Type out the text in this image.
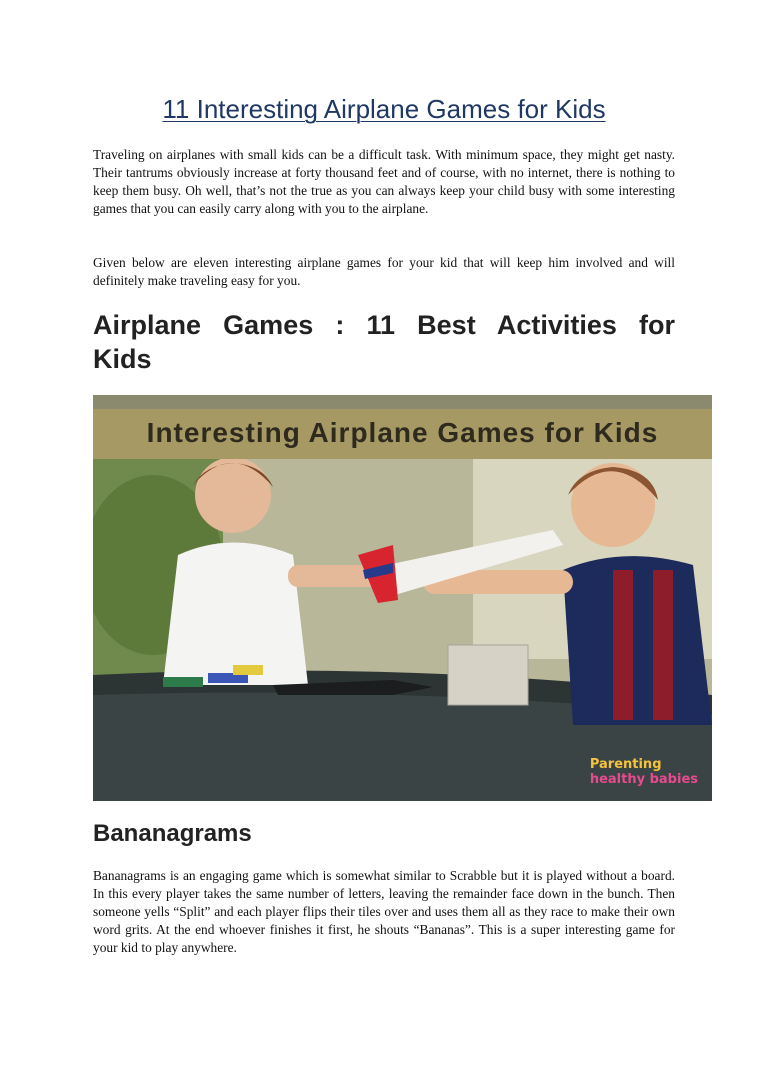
11 Interesting Airplane Games for Kids

Traveling on airplanes with small kids can be a difficult task. With minimum space, they might get nasty. Their tantrums obviously increase at forty thousand feet and of course, with no internet, there is nothing to keep them busy. Oh well, that’s not the true as you can always keep your child busy with some interesting games that you can easily carry along with you to the airplane.

Given below are eleven interesting airplane games for your kid that will keep him involved and will definitely make traveling easy for you.

Airplane Games : 11 Best Activities for
Kids
Interesting Airplane Games for Kids
Parenting
healthy babies
Bananagrams

Bananagrams is an engaging game which is somewhat similar to Scrabble but it is played without a board. In this every player takes the same number of letters, leaving the remainder face down in the bunch. Then someone yells “Split” and each player flips their tiles over and uses them all as they race to make their own word grits. At the end whoever finishes it first, he shouts “Bananas”. This is a super interesting game for your kid to play anywhere.
